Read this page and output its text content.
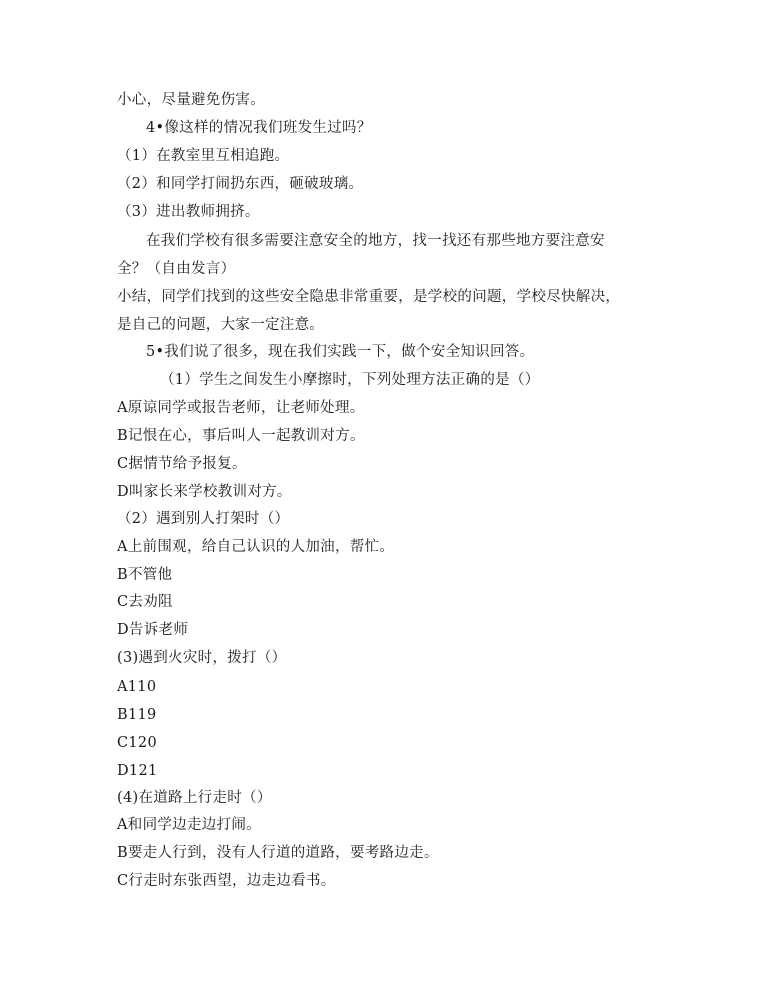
小心，尽量避免伤害。
4•像这样的情况我们班发生过吗？
（1）在教室里互相追跑。
（2）和同学打闹扔东西，砸破玻璃。
（3）进出教师拥挤。
在我们学校有很多需要注意安全的地方，找一找还有那些地方要注意安
全？（自由发言）
小结，同学们找到的这些安全隐患非常重要，是学校的问题，学校尽快解决，
是自己的问题，大家一定注意。
5•我们说了很多，现在我们实践一下，做个安全知识回答。
（1）学生之间发生小摩擦时，下列处理方法正确的是（）
A原谅同学或报告老师，让老师处理。
B记恨在心，事后叫人一起教训对方。
C据情节给予报复。
D叫家长来学校教训对方。
（2）遇到别人打架时（）
A上前围观，给自己认识的人加油，帮忙。
B不管他
C去劝阻
D告诉老师
(3)遇到火灾时，拨打（）
A110
B119
C120
D121
(4)在道路上行走时（）
A和同学边走边打闹。
B要走人行到，没有人行道的道路，要考路边走。
C行走时东张西望，边走边看书。
